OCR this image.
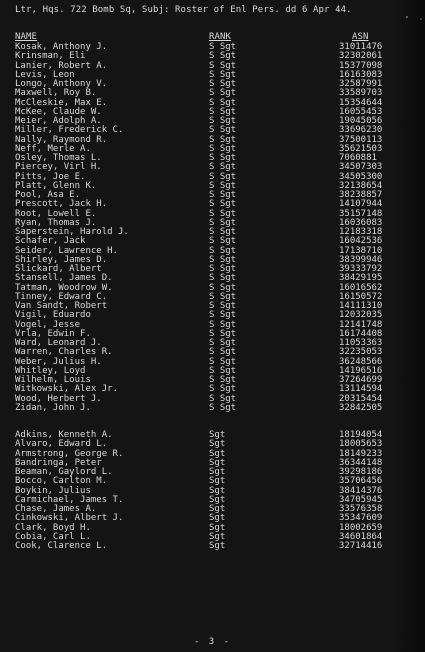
Ltr, Hqs. 722 Bomb Sq, Subj: Roster of Enl Pers. dd 6 Apr 44.
NAME	RANK	ASN
Kosak, Anthony J.	S Sgt	31011476
Krinsman, Eli	S Sgt	32302061
Lanier, Robert A.	S Sgt	15377098
Levis, Leon	S Sgt	16163083
Longo, Anthony V.	S Sgt	32587991
Maxwell, Roy B.	S Sgt	33589703
McCleskie, Max E.	S Sgt	15354644
McKee, Claude W.	S Sgt	16055453
Meier, Adolph A.	S Sgt	19045056
Miller, Frederick C.	S Sgt	33696230
Nally, Raymond R.	S Sgt	37500113
Neff, Merle A.	S Sgt	35621503
Osley, Thomas L.	S Sgt	7060881
Piercey, Virl H.	S Sgt	34507303
Pitts, Joe E.	S Sgt	34505300
Platt, Glenn K.	S Sgt	32138654
Pool, Asa E.	S Sgt	38238857
Prescott, Jack H.	S Sgt	14107944
Root, Lowell E.	S Sgt	35157148
Ryan, Thomas J.	S Sgt	16036083
Saperstein, Harold J.	S Sgt	12183318
Schafer, Jack	S Sgt	16042536
Seider, Lawrence H.	S Sgt	17138710
Shirley, James D.	S Sgt	38399946
Slickard, Albert	S Sgt	39333792
Stansell, James D.	S Sgt	38429195
Tatman, Woodrow W.	S Sgt	16016562
Tinney, Edward C.	S Sgt	16150572
Van Sandt, Robert	S Sgt	14111310
Vigil, Eduardo	S Sgt	12032035
Vogel, Jesse	S Sgt	12141748
Vrla, Edwin F.	S Sgt	16174408
Ward, Leonard J.	S Sgt	11053363
Warren, Charles R.	S Sgt	32235053
Weber, Julius H.	S Sgt	36248566
Whitley, Loyd	S Sgt	14196516
Wilhelm, Louis	S Sgt	37264699
Witkowski, Alex Jr.	S Sgt	13114594
Wood, Herbert J.	S Sgt	20315454
Zidan, John J.	S Sgt	32842505
Adkins, Kenneth A.	Sgt	18194054
Alvaro, Edward L.	Sgt	18005653
Armstrong, George R.	Sgt	18149233
Bandringa, Peter	Sgt	36344148
Beaman, Gaylord L.	Sgt	39298186
Bocco, Carlton M.	Sgt	35706456
Boykin, Julius	Sgt	38414376
Carmichael, James T.	Sgt	34705945
Chase, James A.	Sgt	33576358
Cinkowski, Albert J.	Sgt	35347609
Clark, Boyd H.	Sgt	18002659
Cobia, Carl L.	Sgt	34601864
Cook, Clarence L.	Sgt	32714416
- 3 -
